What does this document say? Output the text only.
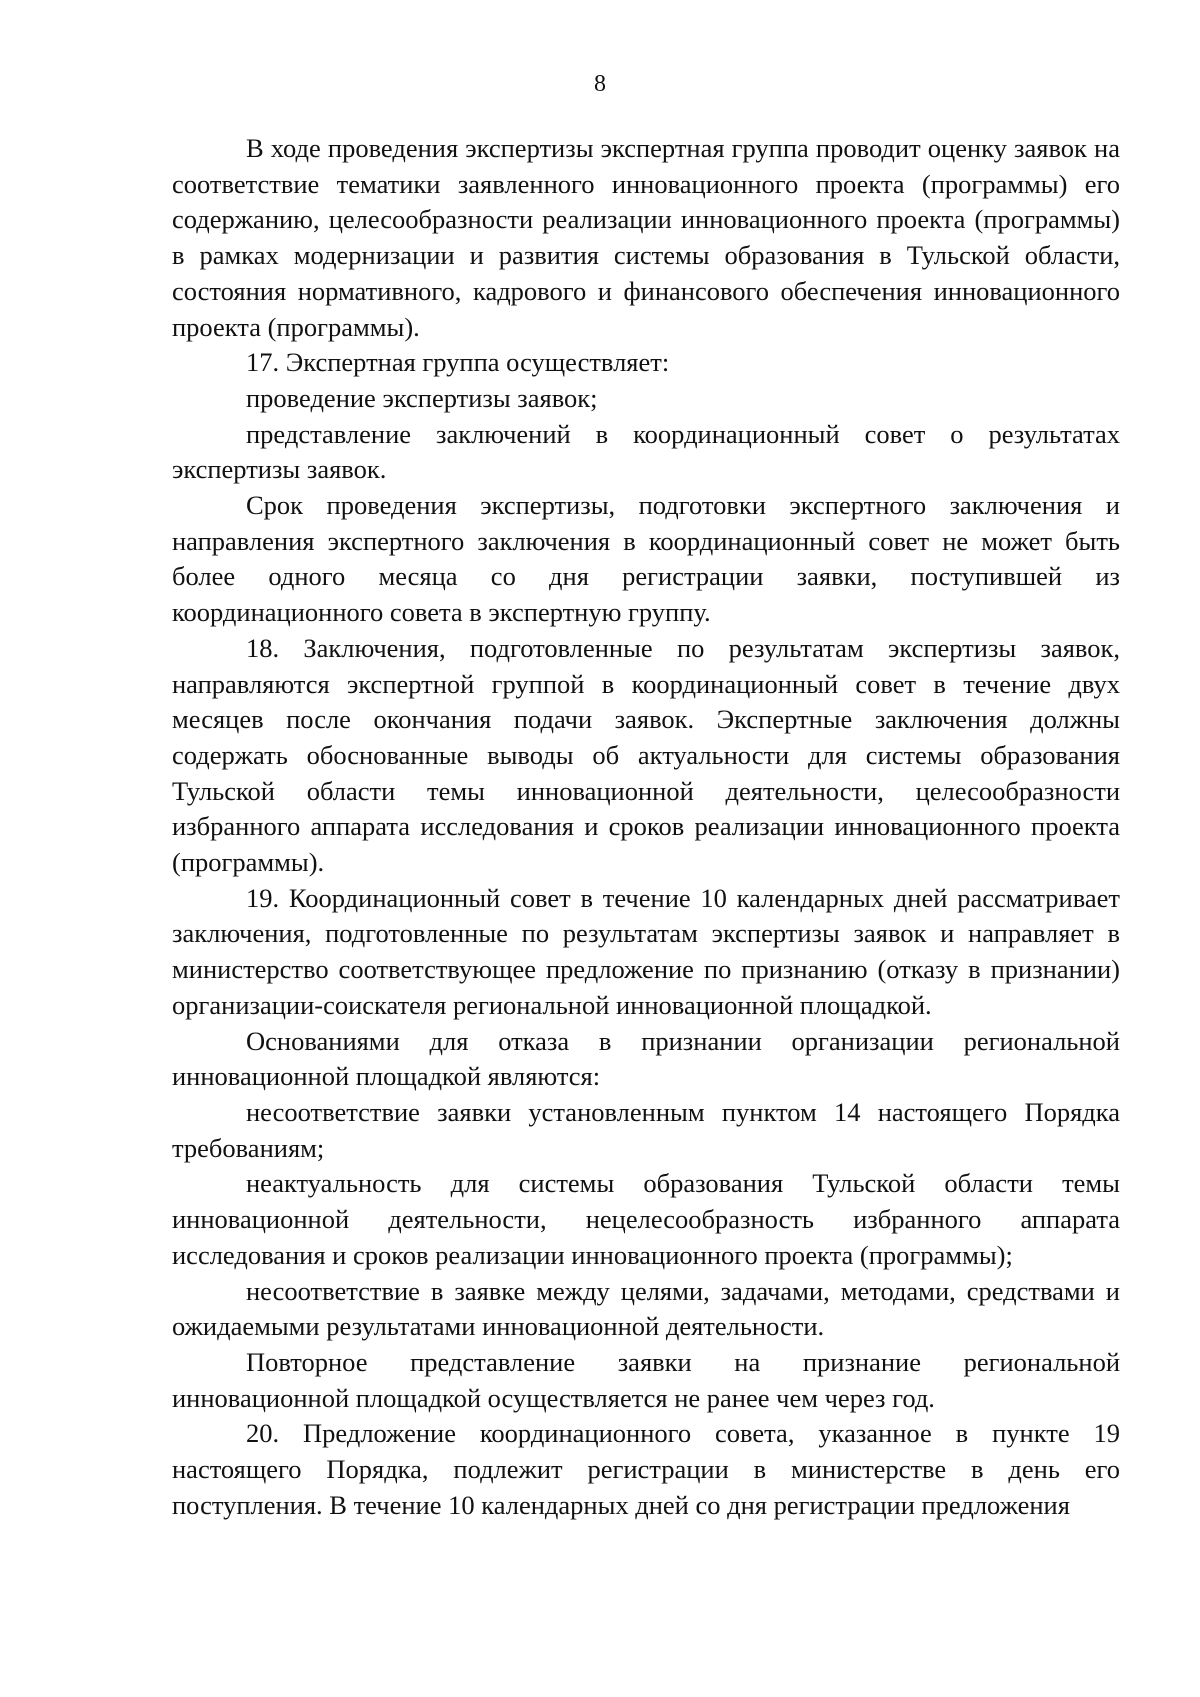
8

В ходе проведения экспертизы экспертная группа проводит оценку заявок на соответствие тематики заявленного инновационного проекта (программы) его содержанию, целесообразности реализации инновационного проекта (программы) в рамках модернизации и развития системы образования в Тульской области, состояния нормативного, кадрового и финансового обеспечения инновационного проекта (программы).

17. Экспертная группа осуществляет:

проведение экспертизы заявок;

представление заключений в координационный совет о результатах экспертизы заявок.

Срок проведения экспертизы, подготовки экспертного заключения и направления экспертного заключения в координационный совет не может быть более одного месяца со дня регистрации заявки, поступившей из координационного совета в экспертную группу.

18. Заключения, подготовленные по результатам экспертизы заявок, направляются экспертной группой в координационный совет в течение двух месяцев после окончания подачи заявок. Экспертные заключения должны содержать обоснованные выводы об актуальности для системы образования Тульской области темы инновационной деятельности, целесообразности избранного аппарата исследования и сроков реализации инновационного проекта (программы).

19. Координационный совет в течение 10 календарных дней рассматривает заключения, подготовленные по результатам экспертизы заявок и направляет в министерство соответствующее предложение по признанию (отказу в признании) организации-соискателя региональной инновационной площадкой.

Основаниями для отказа в признании организации региональной инновационной площадкой являются:

несоответствие заявки установленным пунктом 14 настоящего Порядка требованиям;

неактуальность для системы образования Тульской области темы инновационной деятельности, нецелесообразность избранного аппарата исследования и сроков реализации инновационного проекта (программы);

несоответствие в заявке между целями, задачами, методами, средствами и ожидаемыми результатами инновационной деятельности.

Повторное представление заявки на признание региональной инновационной площадкой осуществляется не ранее чем через год.

20. Предложение координационного совета, указанное в пункте 19 настоящего Порядка, подлежит регистрации в министерстве в день его поступления. В течение 10 календарных дней со дня регистрации предложения
